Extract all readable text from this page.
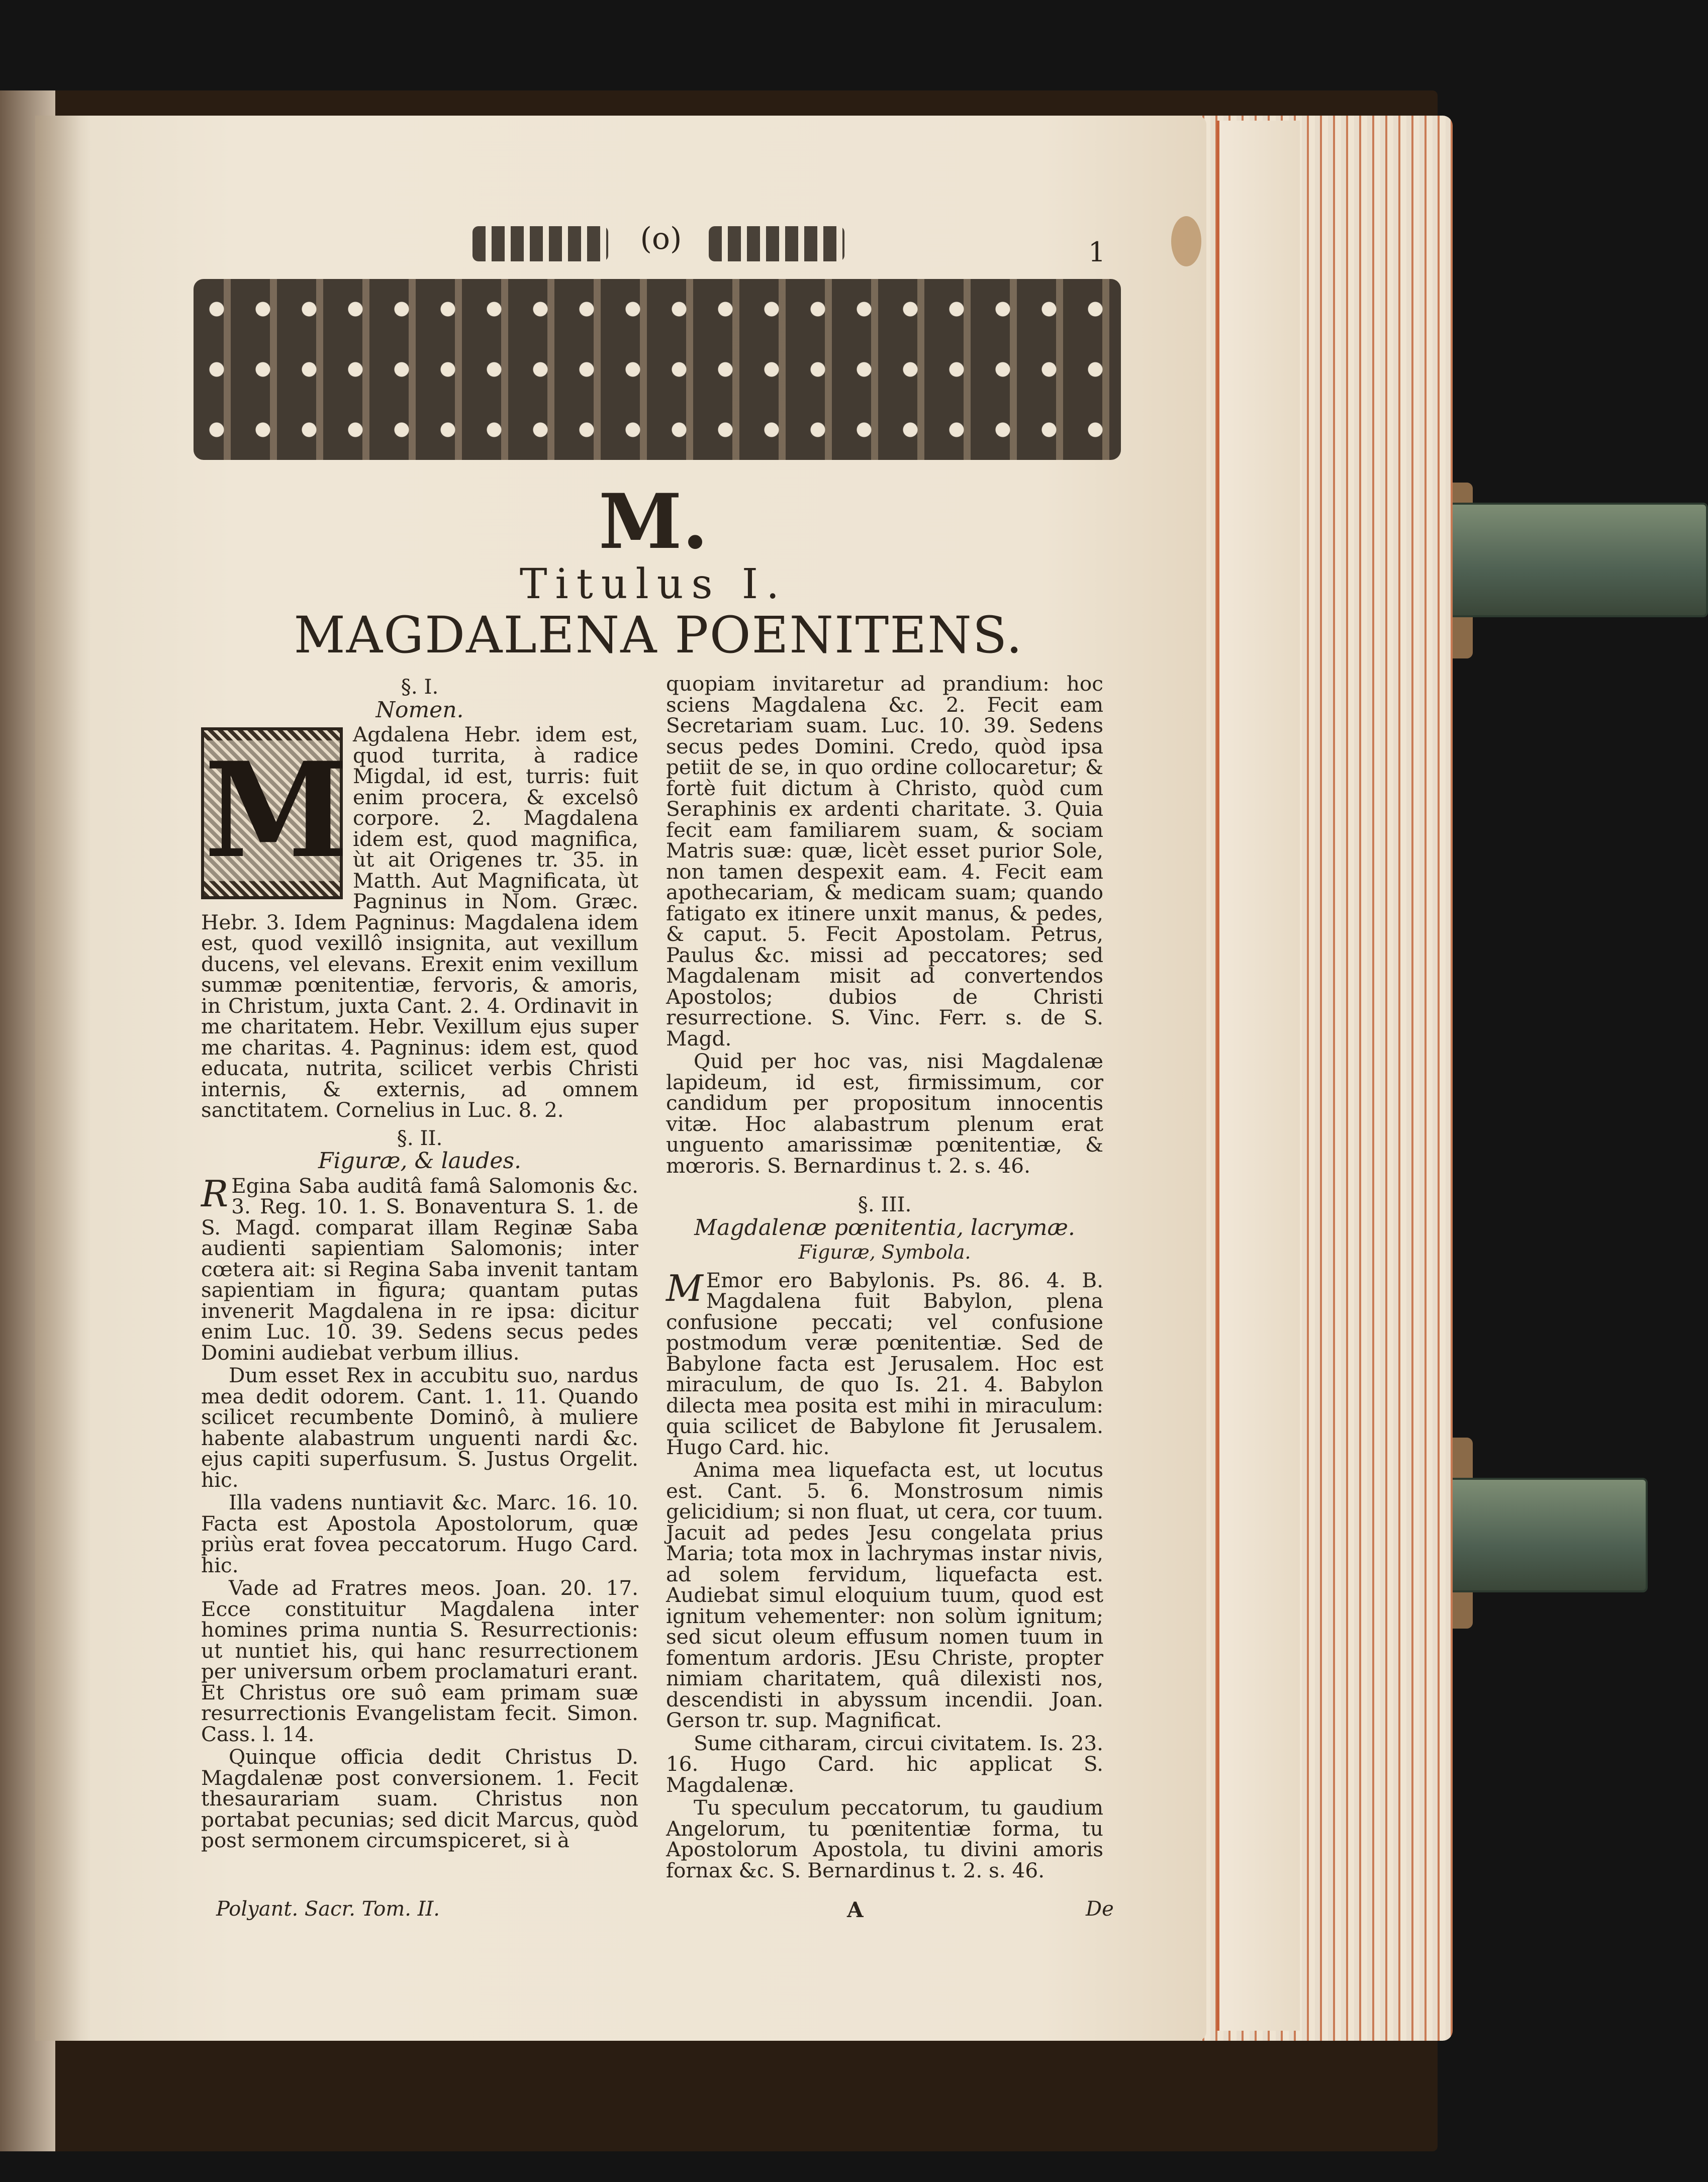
(o)	1
M.
Titulus I.
MAGDALENA POENITENS.
§. I.
Nomen.
M Agdalena Hebr. idem est, quod turrita, à radice Migdal, id est, turris: fuit enim procera, & excelsô corpore. 2. Magdalena idem est, quod magnifica, ùt ait Origenes tr. 35. in Matth. Aut Magnificata, ùt Pagninus in Nom. Græc. Hebr. 3. Idem Pagninus: Magdalena idem est, quod vexillô insignita, aut vexillum ducens, vel elevans. Erexit enim vexillum summæ pœnitentiæ, fervoris, & amoris, in Christum, juxta Cant. 2. 4. Ordinavit in me charitatem. Hebr. Vexillum ejus super me charitas. 4. Pagninus: idem est, quod educata, nutrita, scilicet verbis Christi internis, & externis, ad omnem sanctitatem. Cornelius in Luc. 8. 2.

§. II.
Figuræ, & laudes.

R Egina Saba auditâ famâ Salomonis &c. 3. Reg. 10. 1. S. Bonaventura S. 1. de S. Magd. comparat illam Reginæ Saba audienti sapientiam Salomonis; inter cœtera ait: si Regina Saba invenit tantam sapientiam in figura; quantam putas invenerit Magdalena in re ipsa: dicitur enim Luc. 10. 39. Sedens secus pedes Domini audiebat verbum illius.

Dum esset Rex in accubitu suo, nardus mea dedit odorem. Cant. 1. 11. Quando scilicet recumbente Dominô, à muliere habente alabastrum unguenti nardi &c. ejus capiti superfusum. S. Justus Orgelit. hic.

Illa vadens nuntiavit &c. Marc. 16. 10. Facta est Apostola Apostolorum, quæ priùs erat fovea peccatorum. Hugo Card. hic.

Vade ad Fratres meos. Joan. 20. 17. Ecce constituitur Magdalena inter homines prima nuntia S. Resurrectionis: ut nuntiet his, qui hanc resurrectionem per universum orbem proclamaturi erant. Et Christus ore suô eam primam suæ resurrectionis Evangelistam fecit. Simon. Cass. l. 14.

Quinque officia dedit Christus D. Magdalenæ post conversionem. 1. Fecit thesaurariam suam. Christus non portabat pecunias; sed dicit Marcus, quòd post sermonem circumspiceret, si à

quopiam invitaretur ad prandium: hoc sciens Magdalena &c. 2. Fecit eam Secretariam suam. Luc. 10. 39. Sedens secus pedes Domini. Credo, quòd ipsa petiit de se, in quo ordine collocaretur; & fortè fuit dictum à Christo, quòd cum Seraphinis ex ardenti charitate. 3. Quia fecit eam familiarem suam, & sociam Matris suæ: quæ, licèt esset purior Sole, non tamen despexit eam. 4. Fecit eam apothecariam, & medicam suam; quando fatigato ex itinere unxit manus, & pedes, & caput. 5. Fecit Apostolam. Petrus, Paulus &c. missi ad peccatores; sed Magdalenam misit ad convertendos Apostolos; dubios de Christi resurrectione. S. Vinc. Ferr. s. de S. Magd.

Quid per hoc vas, nisi Magdalenæ lapideum, id est, firmissimum, cor candidum per propositum innocentis vitæ. Hoc alabastrum plenum erat unguento amarissimæ pœnitentiæ, & mœroris. S. Bernardinus t. 2. s. 46.

§. III.
Magdalenæ pœnitentia, lacrymæ.
Figuræ, Symbola.

M Emor ero Babylonis. Ps. 86. 4. B. Magdalena fuit Babylon, plena confusione peccati; vel confusione postmodum veræ pœnitentiæ. Sed de Babylone facta est Jerusalem. Hoc est miraculum, de quo Is. 21. 4. Babylon dilecta mea posita est mihi in miraculum: quia scilicet de Babylone fit Jerusalem. Hugo Card. hic.

Anima mea liquefacta est, ut locutus est. Cant. 5. 6. Monstrosum nimis gelicidium; si non fluat, ut cera, cor tuum. Jacuit ad pedes Jesu congelata prius Maria; tota mox in lachrymas instar nivis, ad solem fervidum, liquefacta est. Audiebat simul eloquium tuum, quod est ignitum vehementer: non solùm ignitum; sed sicut oleum effusum nomen tuum in fomentum ardoris. JEsu Christe, propter nimiam charitatem, quâ dilexisti nos, descendisti in abyssum incendii. Joan. Gerson tr. sup. Magnificat.

Sume citharam, circui civitatem. Is. 23. 16. Hugo Card. hic applicat S. Magdalenæ.

Tu speculum peccatorum, tu gaudium Angelorum, tu pœnitentiæ forma, tu Apostolorum Apostola, tu divini amoris fornax &c. S. Bernardinus t. 2. s. 46.

Polyant. Sacr. Tom. II.	A	De
